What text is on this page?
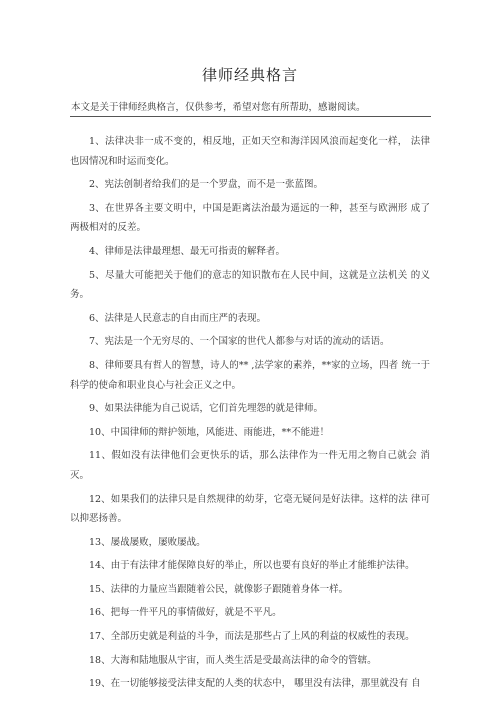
律师经典格言
本文是关于律师经典格言，仅供参考，希望对您有所帮助，感谢阅读。

1、法律决非一成不变的，相反地，正如天空和海洋因风浪而起变化一样， 法律也因情况和时运而变化。

2、宪法创制者给我们的是一个罗盘，而不是一张蓝图。

3、在世界各主要文明中，中国是距离法治最为遥远的一种，甚至与欧洲形 成了两极相对的反差。

4、律师是法律最理想、最无可指责的解释者。

5、尽量大可能把关于他们的意志的知识散布在人民中间，这就是立法机关 的义务。

6、法律是人民意志的自由而庄严的表现。

7、宪法是一个无穷尽的、一个国家的世代人都参与对话的流动的话语。

8、律师要具有哲人的智慧，诗人的** ,法学家的素养，**家的立场，四者 统一于科学的使命和职业良心与社会正义之中。

9、如果法律能为自己说话，它们首先埋怨的就是律师。

10、中国律师的辩护领地，风能进、雨能进，**不能进！

11、假如没有法律他们会更快乐的话，那么法律作为一件无用之物自己就会 消灭。

12、如果我们的法律只是自然规律的幼芽，它毫无疑问是好法律。这样的法 律可以抑恶扬善。

13、屡战屡败，屡败屡战。

14、由于有法律才能保障良好的举止，所以也要有良好的举止才能维护法律。

15、法律的力量应当跟随着公民，就像影子跟随着身体一样。

16、把每一件平凡的事情做好，就是不平凡。

17、全部历史就是利益的斗争，而法是那些占了上风的利益的权威性的表现。

18、大海和陆地服从宇宙，而人类生活是受最高法律的命令的管辖。

19、在一切能够接受法律支配的人类的状态中， 哪里没有法律，那里就没有 自
